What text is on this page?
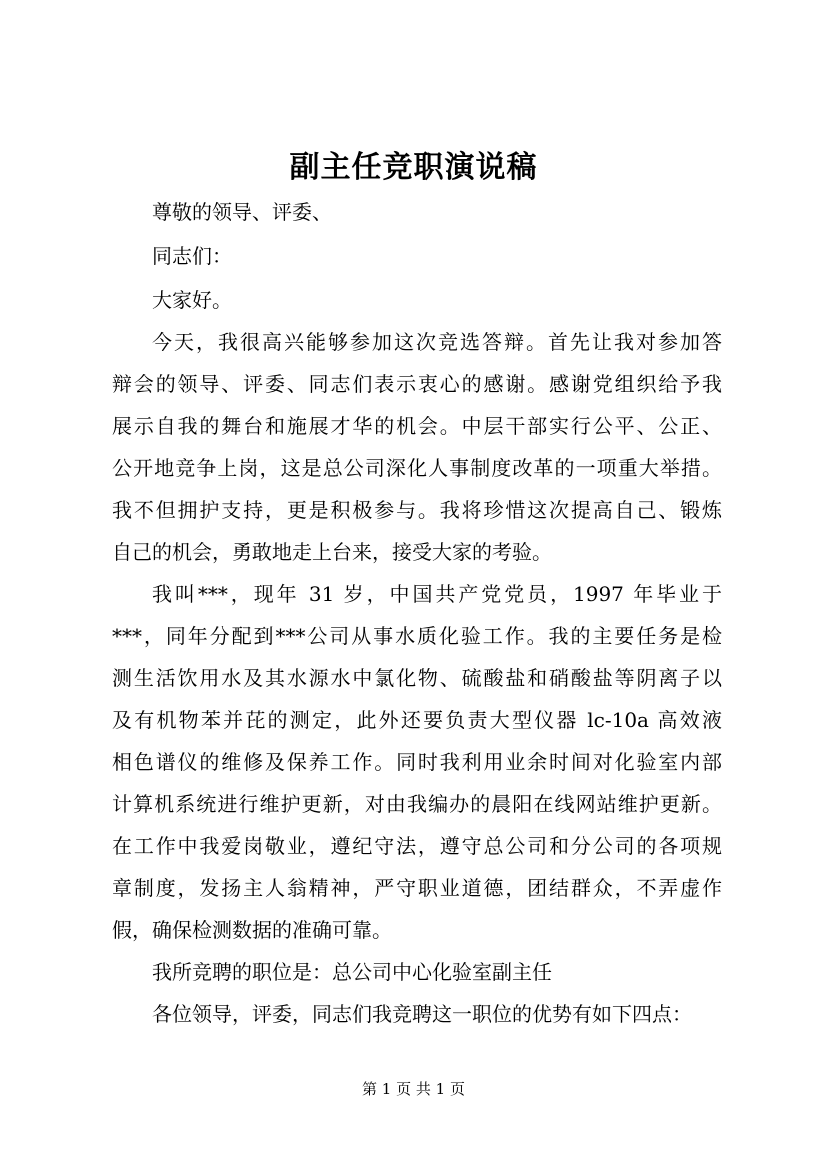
副主任竞职演说稿
尊敬的领导、评委、
同志们：
大家好。
今天，我很高兴能够参加这次竞选答辩。首先让我对参加答
辩会的领导、评委、同志们表示衷心的感谢。感谢党组织给予我
展示自我的舞台和施展才华的机会。中层干部实行公平、公正、
公开地竞争上岗，这是总公司深化人事制度改革的一项重大举措。
我不但拥护支持，更是积极参与。我将珍惜这次提高自己、锻炼
自己的机会，勇敢地走上台来，接受大家的考验。
我叫***，现年 31 岁，中国共产党党员，1997 年毕业于
***，同年分配到***公司从事水质化验工作。我的主要任务是检
测生活饮用水及其水源水中氯化物、硫酸盐和硝酸盐等阴离子以
及有机物苯并芘的测定，此外还要负责大型仪器 lc-10a 高效液
相色谱仪的维修及保养工作。同时我利用业余时间对化验室内部
计算机系统进行维护更新，对由我编办的晨阳在线网站维护更新。
在工作中我爱岗敬业，遵纪守法，遵守总公司和分公司的各项规
章制度，发扬主人翁精神，严守职业道德，团结群众，不弄虚作
假，确保检测数据的准确可靠。
我所竞聘的职位是：总公司中心化验室副主任
各位领导，评委，同志们我竞聘这一职位的优势有如下四点：
第 1 页 共 1 页
